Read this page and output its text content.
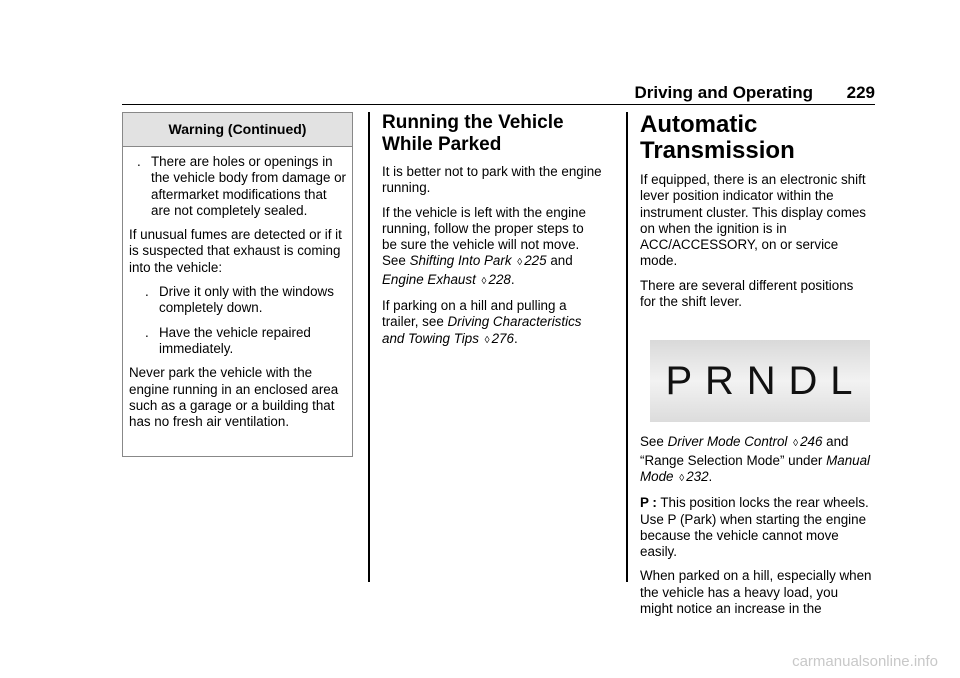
Driving and Operating 229
Warning (Continued)
. There are holes or openings in the vehicle body from damage or aftermarket modifications that are not completely sealed.

If unusual fumes are detected or if it is suspected that exhaust is coming into the vehicle:

. Drive it only with the windows completely down.
. Have the vehicle repaired immediately.

Never park the vehicle with the engine running in an enclosed area such as a garage or a building that has no fresh air ventilation.

Running the Vehicle While Parked

It is better not to park with the engine running.

If the vehicle is left with the engine running, follow the proper steps to be sure the vehicle will not move. See Shifting Into Park ◊ 225 and Engine Exhaust ◊ 228.

If parking on a hill and pulling a trailer, see Driving Characteristics and Towing Tips ◊ 276.

Automatic Transmission

If equipped, there is an electronic shift lever position indicator within the instrument cluster. This display comes on when the ignition is in ACC/ACCESSORY, on or service mode.

There are several different positions for the shift lever.

P R N D L

See Driver Mode Control ◊ 246 and “Range Selection Mode” under Manual Mode ◊ 232.

P : This position locks the rear wheels. Use P (Park) when starting the engine because the vehicle cannot move easily.

When parked on a hill, especially when the vehicle has a heavy load, you might notice an increase in the

carmanualsonline.info
